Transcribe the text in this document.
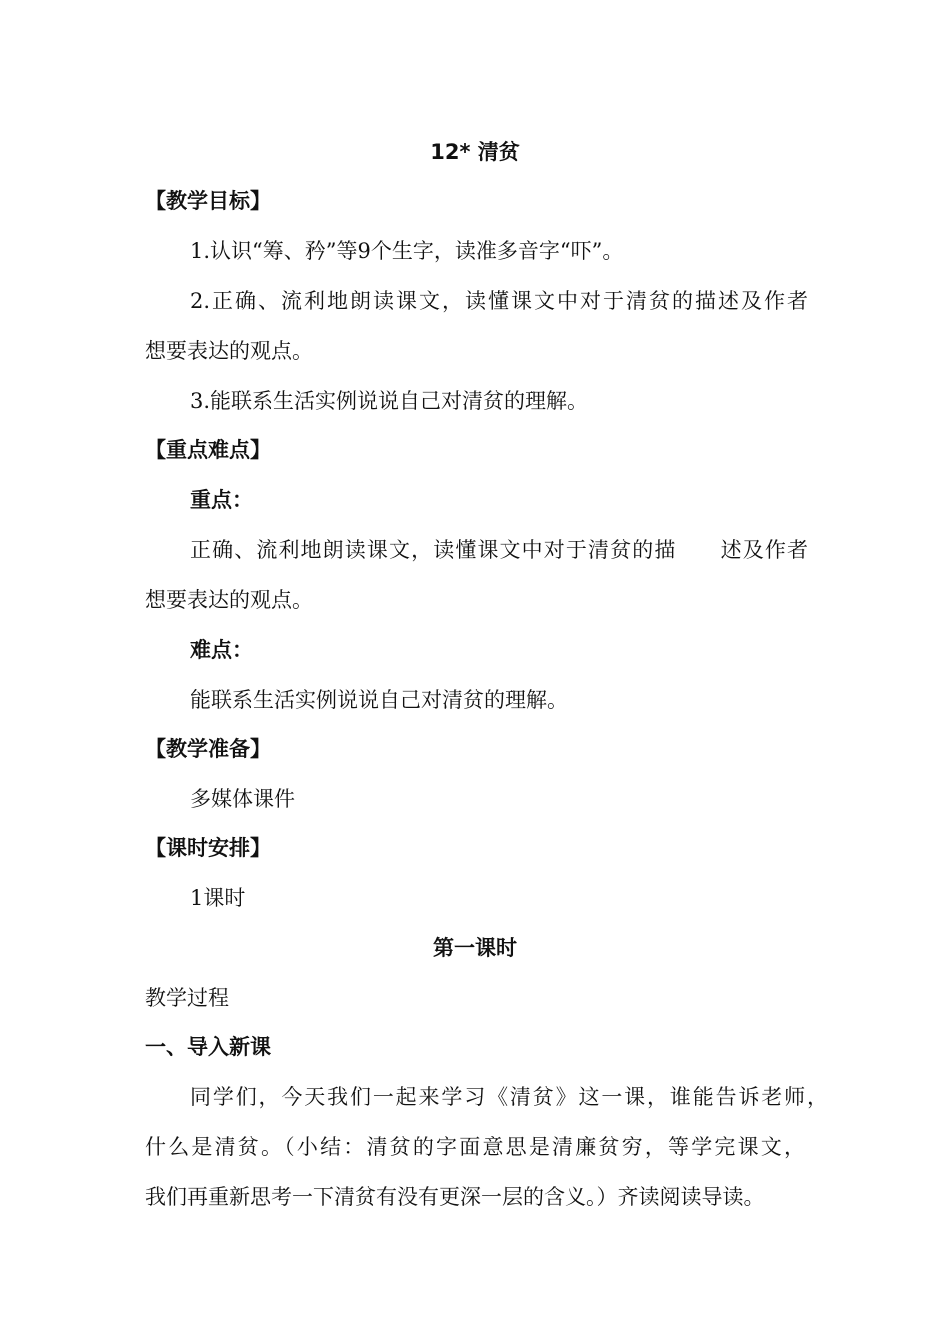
12* 清贫
【教学目标】
1.认识“筹、矜”等9个生字，读准多音字“吓”。
2.正确、流利地朗读课文，读懂课文中对于清贫的描述及作者
想要表达的观点。
3.能联系生活实例说说自己对清贫的理解。
【重点难点】
重点：
正确、流利地朗读课文，读懂课文中对于清贫的描　　述及作者
想要表达的观点。
难点：
能联系生活实例说说自己对清贫的理解。
【教学准备】
多媒体课件
【课时安排】
1课时
第一课时
教学过程
一、导入新课
同学们，今天我们一起来学习《清贫》这一课，谁能告诉老师，
什么是清贫。（小结：清贫的字面意思是清廉贫穷，等学完课文，
我们再重新思考一下清贫有没有更深一层的含义。）齐读阅读导读。
